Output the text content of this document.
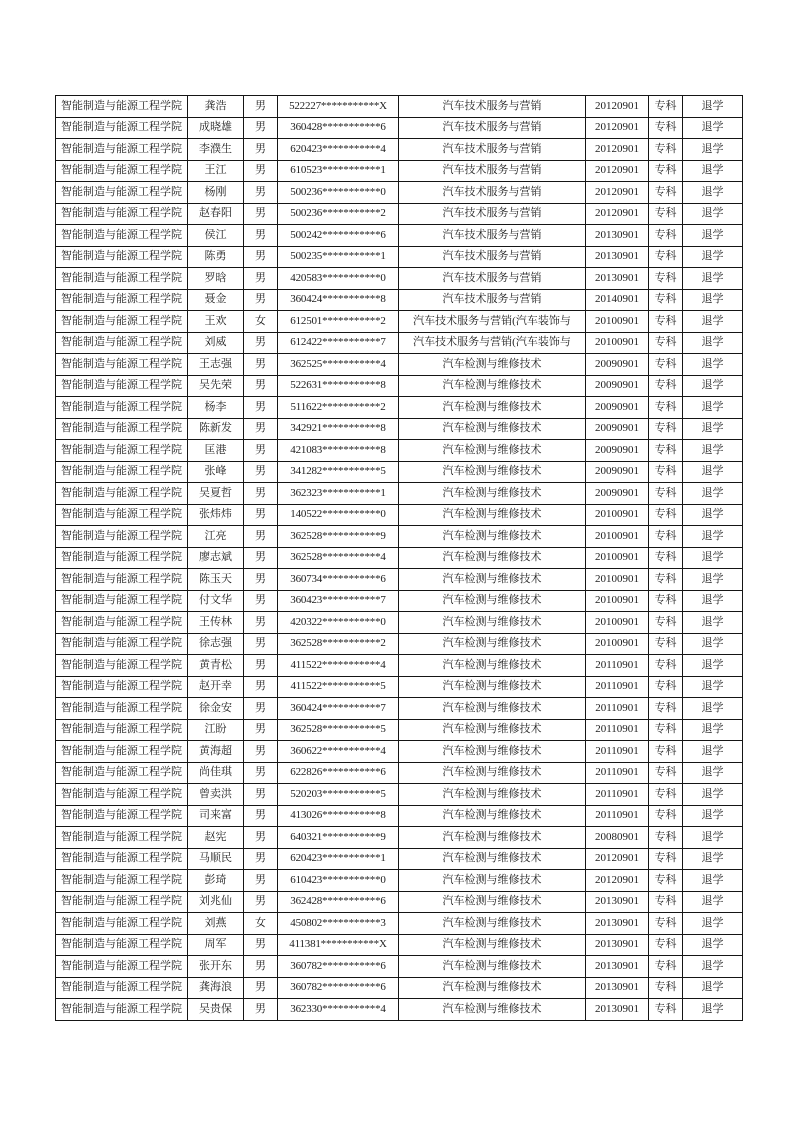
智能制造与能源工程学院	龚浩	男	522227***********X	汽车技术服务与营销	20120901	专科	退学
智能制造与能源工程学院	成晓雄	男	360428***********6	汽车技术服务与营销	20120901	专科	退学
智能制造与能源工程学院	李濮生	男	620423***********4	汽车技术服务与营销	20120901	专科	退学
智能制造与能源工程学院	王江	男	610523***********1	汽车技术服务与营销	20120901	专科	退学
智能制造与能源工程学院	杨刚	男	500236***********0	汽车技术服务与营销	20120901	专科	退学
智能制造与能源工程学院	赵春阳	男	500236***********2	汽车技术服务与营销	20120901	专科	退学
智能制造与能源工程学院	侯江	男	500242***********6	汽车技术服务与营销	20130901	专科	退学
智能制造与能源工程学院	陈勇	男	500235***********1	汽车技术服务与营销	20130901	专科	退学
智能制造与能源工程学院	罗晗	男	420583***********0	汽车技术服务与营销	20130901	专科	退学
智能制造与能源工程学院	聂金	男	360424***********8	汽车技术服务与营销	20140901	专科	退学
智能制造与能源工程学院	王欢	女	612501***********2	汽车技术服务与营销(汽车装饰与	20100901	专科	退学
智能制造与能源工程学院	刘威	男	612422***********7	汽车技术服务与营销(汽车装饰与	20100901	专科	退学
智能制造与能源工程学院	王志强	男	362525***********4	汽车检测与维修技术	20090901	专科	退学
智能制造与能源工程学院	吴先荣	男	522631***********8	汽车检测与维修技术	20090901	专科	退学
智能制造与能源工程学院	杨李	男	511622***********2	汽车检测与维修技术	20090901	专科	退学
智能制造与能源工程学院	陈新发	男	342921***********8	汽车检测与维修技术	20090901	专科	退学
智能制造与能源工程学院	匡港	男	421083***********8	汽车检测与维修技术	20090901	专科	退学
智能制造与能源工程学院	张峰	男	341282***********5	汽车检测与维修技术	20090901	专科	退学
智能制造与能源工程学院	吴夏哲	男	362323***********1	汽车检测与维修技术	20090901	专科	退学
智能制造与能源工程学院	张炜炜	男	140522***********0	汽车检测与维修技术	20100901	专科	退学
智能制造与能源工程学院	江亮	男	362528***********9	汽车检测与维修技术	20100901	专科	退学
智能制造与能源工程学院	廖志斌	男	362528***********4	汽车检测与维修技术	20100901	专科	退学
智能制造与能源工程学院	陈玉天	男	360734***********6	汽车检测与维修技术	20100901	专科	退学
智能制造与能源工程学院	付文华	男	360423***********7	汽车检测与维修技术	20100901	专科	退学
智能制造与能源工程学院	王传林	男	420322***********0	汽车检测与维修技术	20100901	专科	退学
智能制造与能源工程学院	徐志强	男	362528***********2	汽车检测与维修技术	20100901	专科	退学
智能制造与能源工程学院	黄青松	男	411522***********4	汽车检测与维修技术	20110901	专科	退学
智能制造与能源工程学院	赵开幸	男	411522***********5	汽车检测与维修技术	20110901	专科	退学
智能制造与能源工程学院	徐金安	男	360424***********7	汽车检测与维修技术	20110901	专科	退学
智能制造与能源工程学院	江盼	男	362528***********5	汽车检测与维修技术	20110901	专科	退学
智能制造与能源工程学院	黄海超	男	360622***********4	汽车检测与维修技术	20110901	专科	退学
智能制造与能源工程学院	尚佳琪	男	622826***********6	汽车检测与维修技术	20110901	专科	退学
智能制造与能源工程学院	曾卖洪	男	520203***********5	汽车检测与维修技术	20110901	专科	退学
智能制造与能源工程学院	司来富	男	413026***********8	汽车检测与维修技术	20110901	专科	退学
智能制造与能源工程学院	赵宪	男	640321***********9	汽车检测与维修技术	20080901	专科	退学
智能制造与能源工程学院	马顺民	男	620423***********1	汽车检测与维修技术	20120901	专科	退学
智能制造与能源工程学院	彭琦	男	610423***********0	汽车检测与维修技术	20120901	专科	退学
智能制造与能源工程学院	刘兆仙	男	362428***********6	汽车检测与维修技术	20130901	专科	退学
智能制造与能源工程学院	刘燕	女	450802***********3	汽车检测与维修技术	20130901	专科	退学
智能制造与能源工程学院	周军	男	411381***********X	汽车检测与维修技术	20130901	专科	退学
智能制造与能源工程学院	张开东	男	360782***********6	汽车检测与维修技术	20130901	专科	退学
智能制造与能源工程学院	龚海浪	男	360782***********6	汽车检测与维修技术	20130901	专科	退学
智能制造与能源工程学院	吴贵保	男	362330***********4	汽车检测与维修技术	20130901	专科	退学
